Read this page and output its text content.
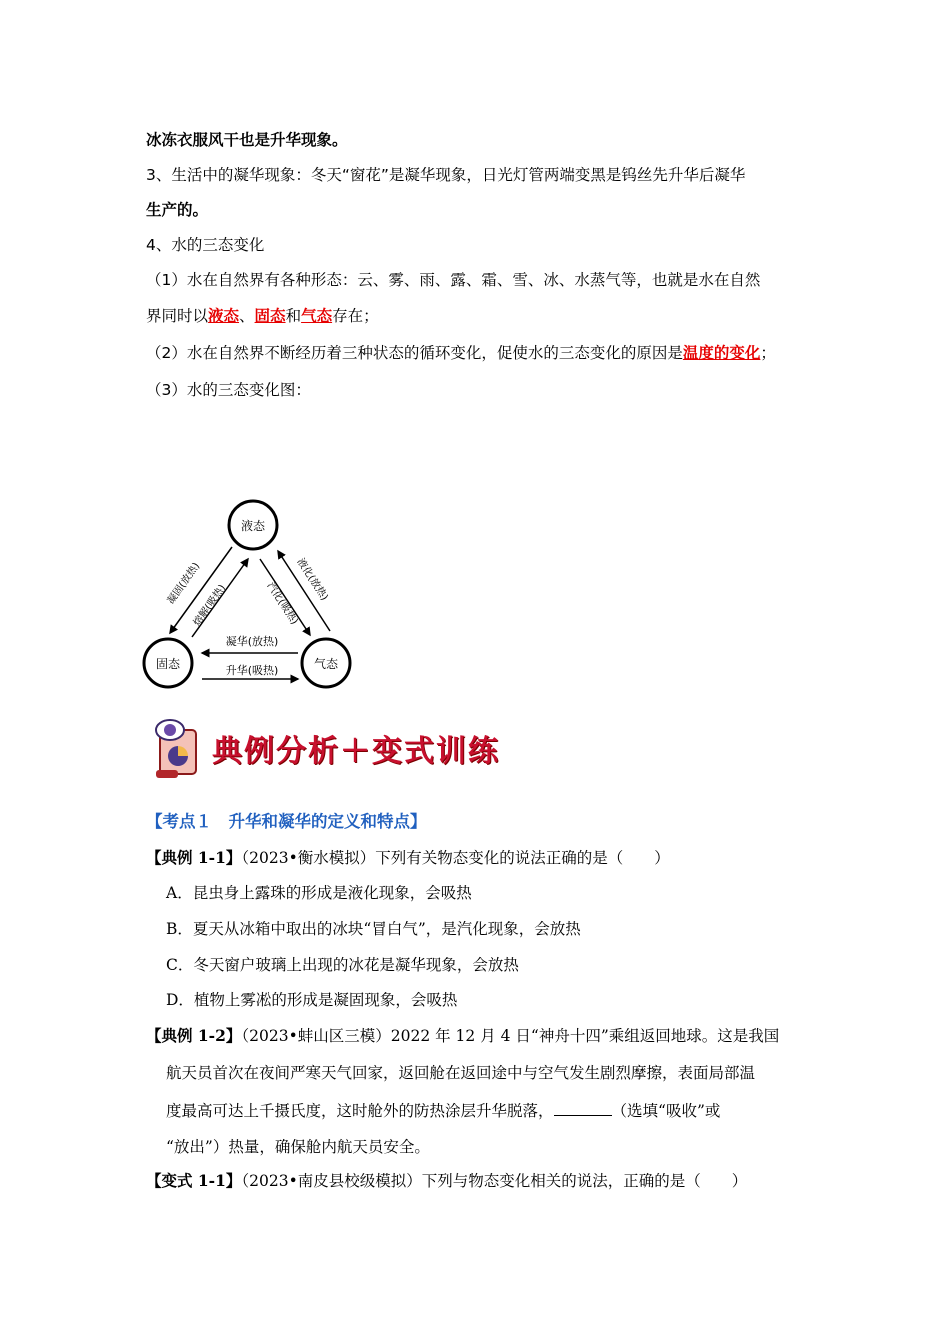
冰冻衣服风干也是升华现象。
3、生活中的凝华现象：冬天“窗花”是凝华现象，日光灯管两端变黑是钨丝先升华后凝华
生产的。
4、水的三态变化
（1）水在自然界有各种形态：云、雾、雨、露、霜、雪、冰、水蒸气等，也就是水在自然
界同时以液态、固态和气态存在；
（2）水在自然界不断经历着三种状态的循环变化，促使水的三态变化的原因是温度的变化；
（3）水的三态变化图：
液态
固态	气态
凝固(放热)
熔解(吸热)	汽化(吸热)
液化(放热)
凝华(放热)
升华(吸热)
典例分析＋变式训练
【考点１　升华和凝华的定义和特点】
【典例 1-1】（2023•衡水模拟）下列有关物态变化的说法正确的是（　　）
A．昆虫身上露珠的形成是液化现象，会吸热
B．夏天从冰箱中取出的冰块“冒白气”，是汽化现象，会放热
C．冬天窗户玻璃上出现的冰花是凝华现象，会放热
D．植物上雾凇的形成是凝固现象，会吸热
【典例 1-2】（2023•蚌山区三模）2022 年 12 月 4 日“神舟十四”乘组返回地球。这是我国
航天员首次在夜间严寒天气回家，返回舱在返回途中与空气发生剧烈摩擦，表面局部温
度最高可达上千摄氏度，这时舱外的防热涂层升华脱落，	（选填“吸收”或
“放出”）热量，确保舱内航天员安全。
【变式 1-1】（2023•南皮县校级模拟）下列与物态变化相关的说法，正确的是（　　）
